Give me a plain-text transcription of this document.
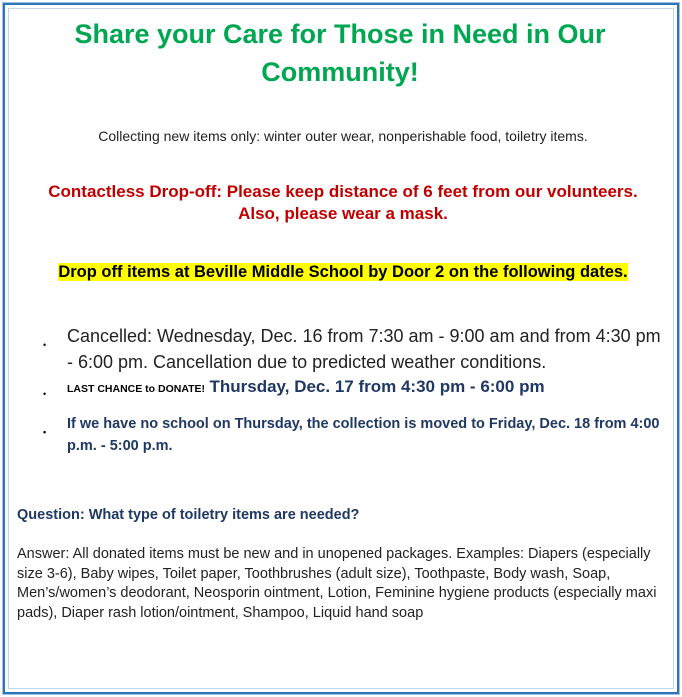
Share your Care for Those in Need in Our Community!
Collecting new items only: winter outer wear, nonperishable food, toiletry items.
Contactless Drop-off: Please keep distance of 6 feet from our volunteers. Also, please wear a mask.
Drop off items at Beville Middle School by Door 2 on the following dates.
• Cancelled: Wednesday, Dec. 16 from 7:30 am - 9:00 am and from 4:30 pm - 6:00 pm. Cancellation due to predicted weather conditions.
• LAST CHANCE to DONATE! Thursday, Dec. 17 from 4:30 pm - 6:00 pm
• If we have no school on Thursday, the collection is moved to Friday, Dec. 18 from 4:00 p.m. - 5:00 p.m.
Question: What type of toiletry items are needed?
Answer: All donated items must be new and in unopened packages. Examples: Diapers (especially size 3-6), Baby wipes, Toilet paper, Toothbrushes (adult size), Toothpaste, Body wash, Soap, Men’s/women’s deodorant, Neosporin ointment, Lotion, Feminine hygiene products (especially maxi pads), Diaper rash lotion/ointment, Shampoo, Liquid hand soap
